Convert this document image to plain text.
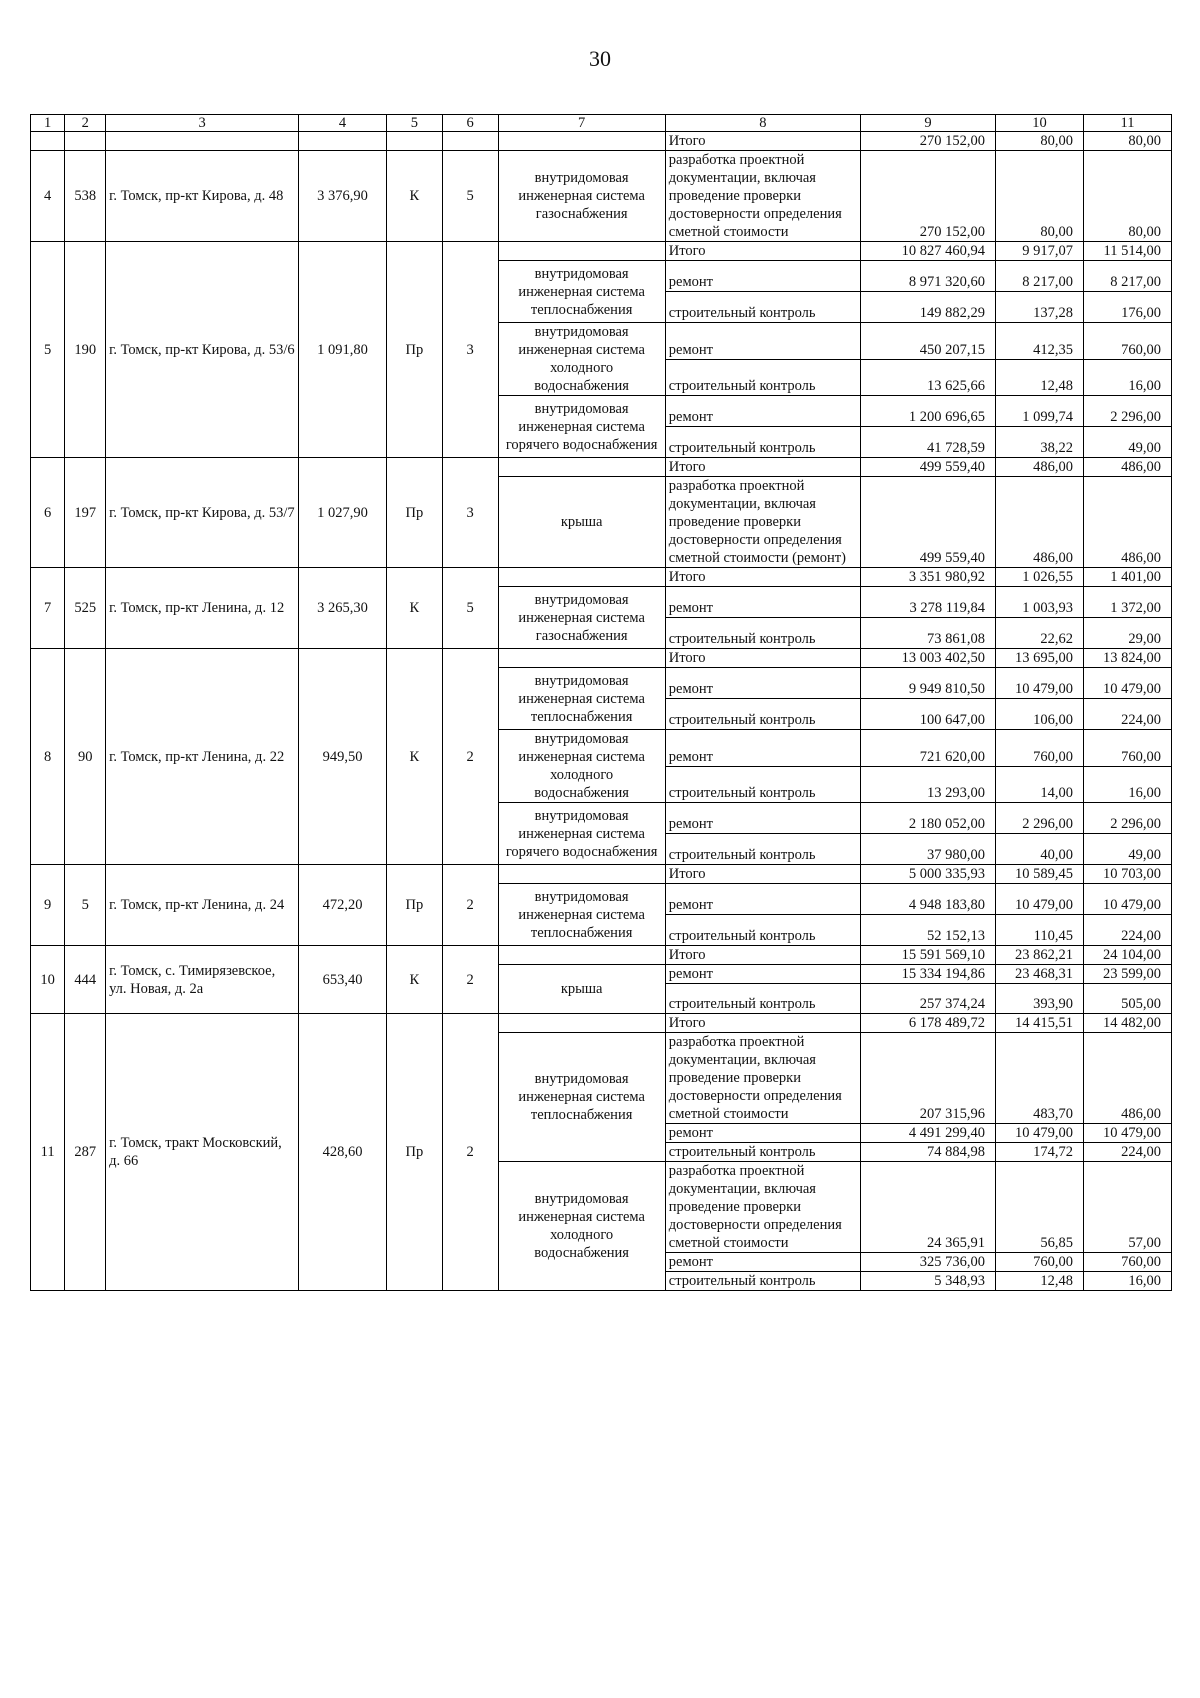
30
1	2	3	4	5	6	7	8	9	10	11
							Итого	270 152,00	80,00	80,00
4	538	г. Томск, пр-кт Кирова, д. 48	3 376,90	К	5	внутридомовая инженерная система газоснабжения	разработка проектной документации, включая проведение проверки достоверности определения сметной стоимости	270 152,00	80,00	80,00
5	190	г. Томск, пр-кт Кирова, д. 53/6	1 091,80	Пр	3		Итого	10 827 460,94	9 917,07	11 514,00
						внутридомовая инженерная система теплоснабжения	ремонт	8 971 320,60	8 217,00	8 217,00
							строительный контроль	149 882,29	137,28	176,00
						внутридомовая инженерная система холодного водоснабжения	ремонт	450 207,15	412,35	760,00
							строительный контроль	13 625,66	12,48	16,00
						внутридомовая инженерная система горячего водоснабжения	ремонт	1 200 696,65	1 099,74	2 296,00
							строительный контроль	41 728,59	38,22	49,00
6	197	г. Томск, пр-кт Кирова, д. 53/7	1 027,90	Пр	3		Итого	499 559,40	486,00	486,00
						крыша	разработка проектной документации, включая проведение проверки достоверности определения сметной стоимости (ремонт)	499 559,40	486,00	486,00
7	525	г. Томск, пр-кт Ленина, д. 12	3 265,30	К	5		Итого	3 351 980,92	1 026,55	1 401,00
						внутридомовая инженерная система газоснабжения	ремонт	3 278 119,84	1 003,93	1 372,00
							строительный контроль	73 861,08	22,62	29,00
8	90	г. Томск, пр-кт Ленина, д. 22	949,50	К	2		Итого	13 003 402,50	13 695,00	13 824,00
						внутридомовая инженерная система теплоснабжения	ремонт	9 949 810,50	10 479,00	10 479,00
							строительный контроль	100 647,00	106,00	224,00
						внутридомовая инженерная система холодного водоснабжения	ремонт	721 620,00	760,00	760,00
							строительный контроль	13 293,00	14,00	16,00
						внутридомовая инженерная система горячего водоснабжения	ремонт	2 180 052,00	2 296,00	2 296,00
							строительный контроль	37 980,00	40,00	49,00
9	5	г. Томск, пр-кт Ленина, д. 24	472,20	Пр	2		Итого	5 000 335,93	10 589,45	10 703,00
						внутридомовая инженерная система теплоснабжения	ремонт	4 948 183,80	10 479,00	10 479,00
							строительный контроль	52 152,13	110,45	224,00
10	444	г. Томск, с. Тимирязевское, ул. Новая, д. 2а	653,40	К	2		Итого	15 591 569,10	23 862,21	24 104,00
						крыша	ремонт	15 334 194,86	23 468,31	23 599,00
							строительный контроль	257 374,24	393,90	505,00
11	287	г. Томск, тракт Московский, д. 66	428,60	Пр	2		Итого	6 178 489,72	14 415,51	14 482,00
						внутридомовая инженерная система теплоснабжения	разработка проектной документации, включая проведение проверки достоверности определения сметной стоимости	207 315,96	483,70	486,00
							ремонт	4 491 299,40	10 479,00	10 479,00
							строительный контроль	74 884,98	174,72	224,00
						внутридомовая инженерная система холодного водоснабжения	разработка проектной документации, включая проведение проверки достоверности определения сметной стоимости	24 365,91	56,85	57,00
							ремонт	325 736,00	760,00	760,00
							строительный контроль	5 348,93	12,48	16,00
